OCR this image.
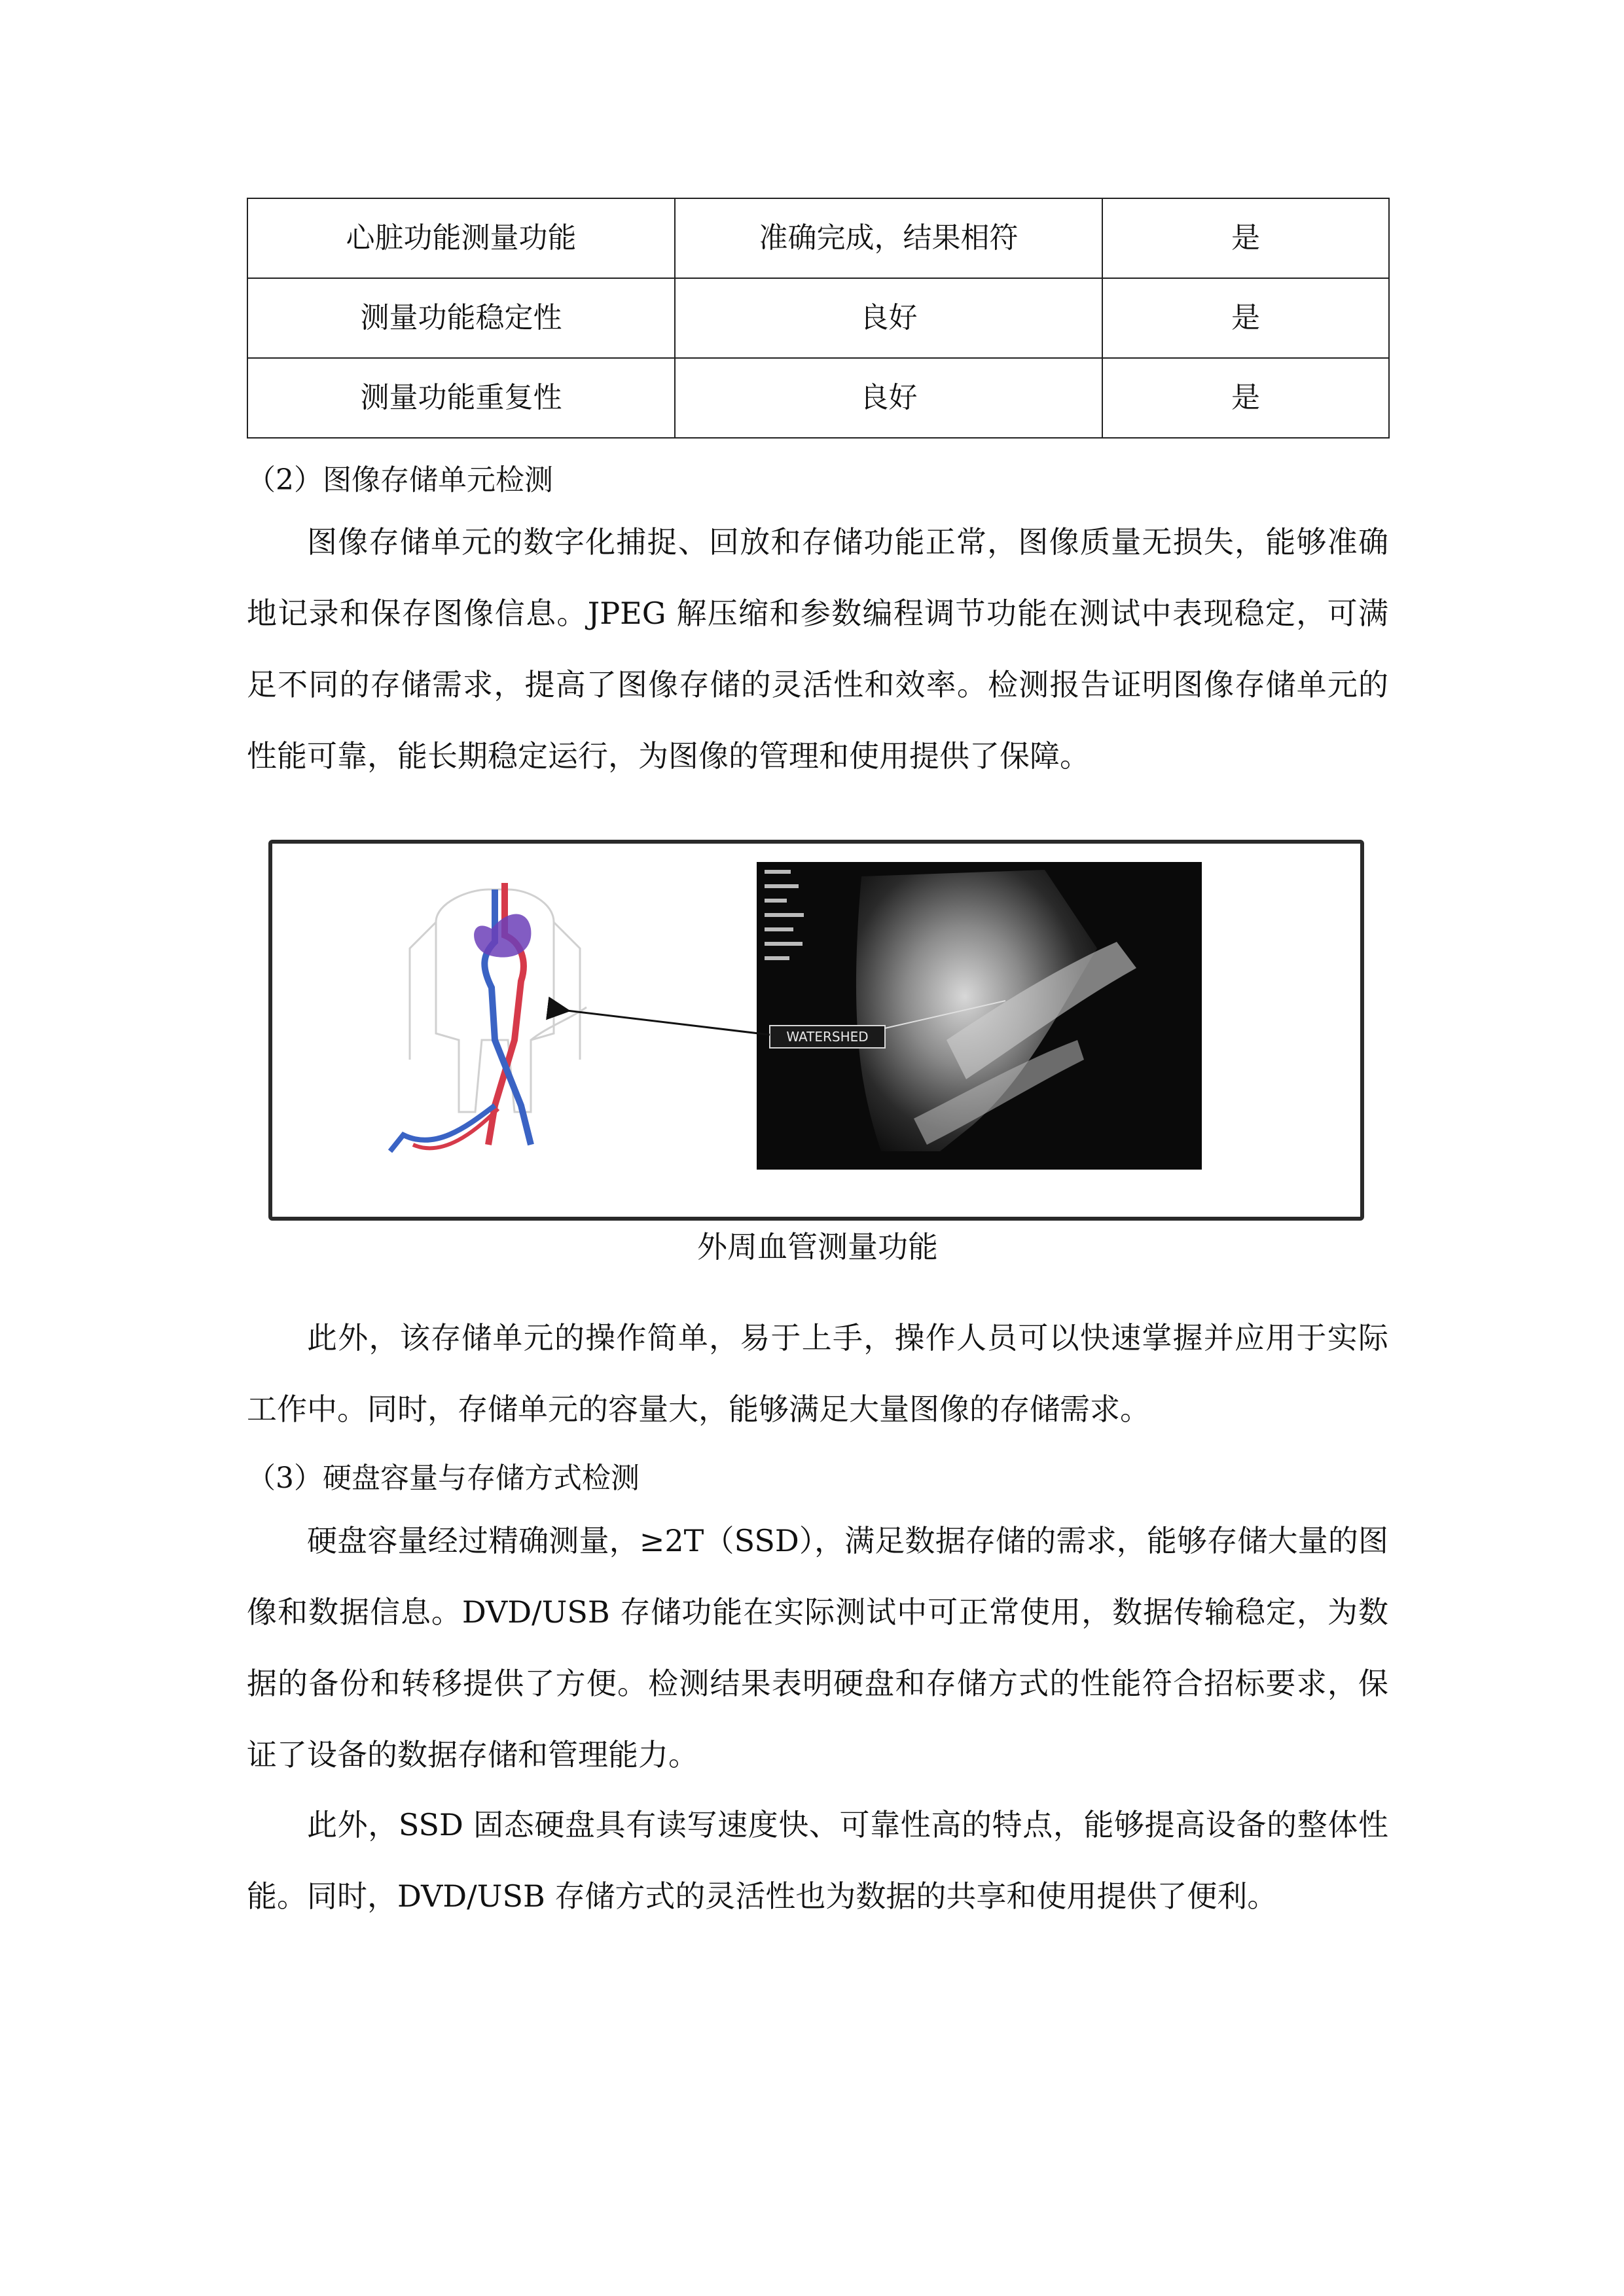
心脏功能测量功能	准确完成，结果相符	是
测量功能稳定性	良好	是
测量功能重复性	良好	是
（2）图像存储单元检测

图像存储单元的数字化捕捉、回放和存储功能正常，图像质量无损失，能够准确地记录和保存图像信息。JPEG 解压缩和参数编程调节功能在测试中表现稳定，可满足不同的存储需求，提高了图像存储的灵活性和效率。检测报告证明图像存储单元的性能可靠，能长期稳定运行，为图像的管理和使用提供了保障。

WATERSHED
外周血管测量功能

此外，该存储单元的操作简单，易于上手，操作人员可以快速掌握并应用于实际工作中。同时，存储单元的容量大，能够满足大量图像的存储需求。

（3）硬盘容量与存储方式检测

硬盘容量经过精确测量，≥2T（SSD），满足数据存储的需求，能够存储大量的图像和数据信息。DVD/USB 存储功能在实际测试中可正常使用，数据传输稳定，为数据的备份和转移提供了方便。检测结果表明硬盘和存储方式的性能符合招标要求，保证了设备的数据存储和管理能力。

此外，SSD 固态硬盘具有读写速度快、可靠性高的特点，能够提高设备的整体性能。同时，DVD/USB 存储方式的灵活性也为数据的共享和使用提供了便利。
